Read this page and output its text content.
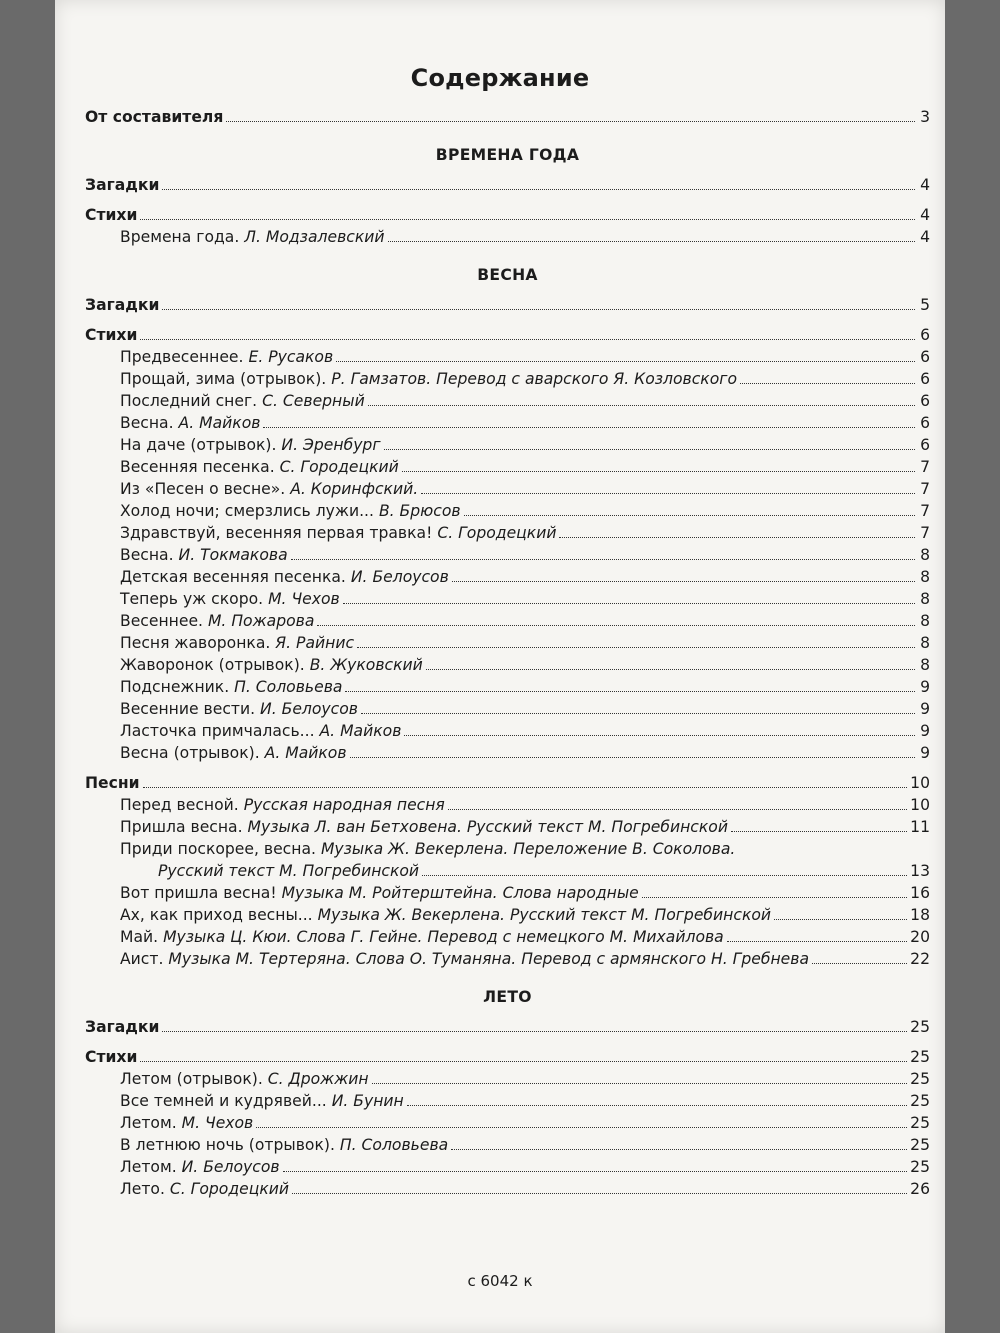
Содержание
От составителя	3
ВРЕМЕНА ГОДА
Загадки	4
Стихи	4
Времена года. Л. Модзалевский	4
ВЕСНА
Загадки	5
Стихи	6
Предвесеннее. Е. Русаков	6
Прощай, зима (отрывок). Р. Гамзатов. Перевод с аварского Я. Козловского	6
Последний снег. С. Северный	6
Весна. А. Майков	6
На даче (отрывок). И. Эренбург	6
Весенняя песенка. С. Городецкий	7
Из «Песен о весне». А. Коринфский.	7
Холод ночи; смерзлись лужи... В. Брюсов	7
Здравствуй, весенняя первая травка! С. Городецкий	7
Весна. И. Токмакова	8
Детская весенняя песенка. И. Белоусов	8
Теперь уж скоро. М. Чехов	8
Весеннее. М. Пожарова	8
Песня жаворонка. Я. Райнис	8
Жаворонок (отрывок). В. Жуковский	8
Подснежник. П. Соловьева	9
Весенние вести. И. Белоусов	9
Ласточка примчалась... А. Майков	9
Весна (отрывок). А. Майков	9
Песни	10
Перед весной. Русская народная песня	10
Пришла весна. Музыка Л. ван Бетховена. Русский текст М. Погребинской	11
Приди поскорее, весна. Музыка Ж. Векерлена. Переложение В. Соколова.
Русский текст М. Погребинской	13
Вот пришла весна! Музыка М. Ройтерштейна. Слова народные	16
Ах, как приход весны... Музыка Ж. Векерлена. Русский текст М. Погребинской	18
Май. Музыка Ц. Кюи. Слова Г. Гейне. Перевод с немецкого М. Михайлова	20
Аист. Музыка М. Тертеряна. Слова О. Туманяна. Перевод с армянского Н. Гребнева	22
ЛЕТО
Загадки	25
Стихи	25
Летом (отрывок). С. Дрожжин	25
Все темней и кудрявей... И. Бунин	25
Летом. М. Чехов	25
В летнюю ночь (отрывок). П. Соловьева	25
Летом. И. Белоусов	25
Лето. С. Городецкий	26
с 6042 к
